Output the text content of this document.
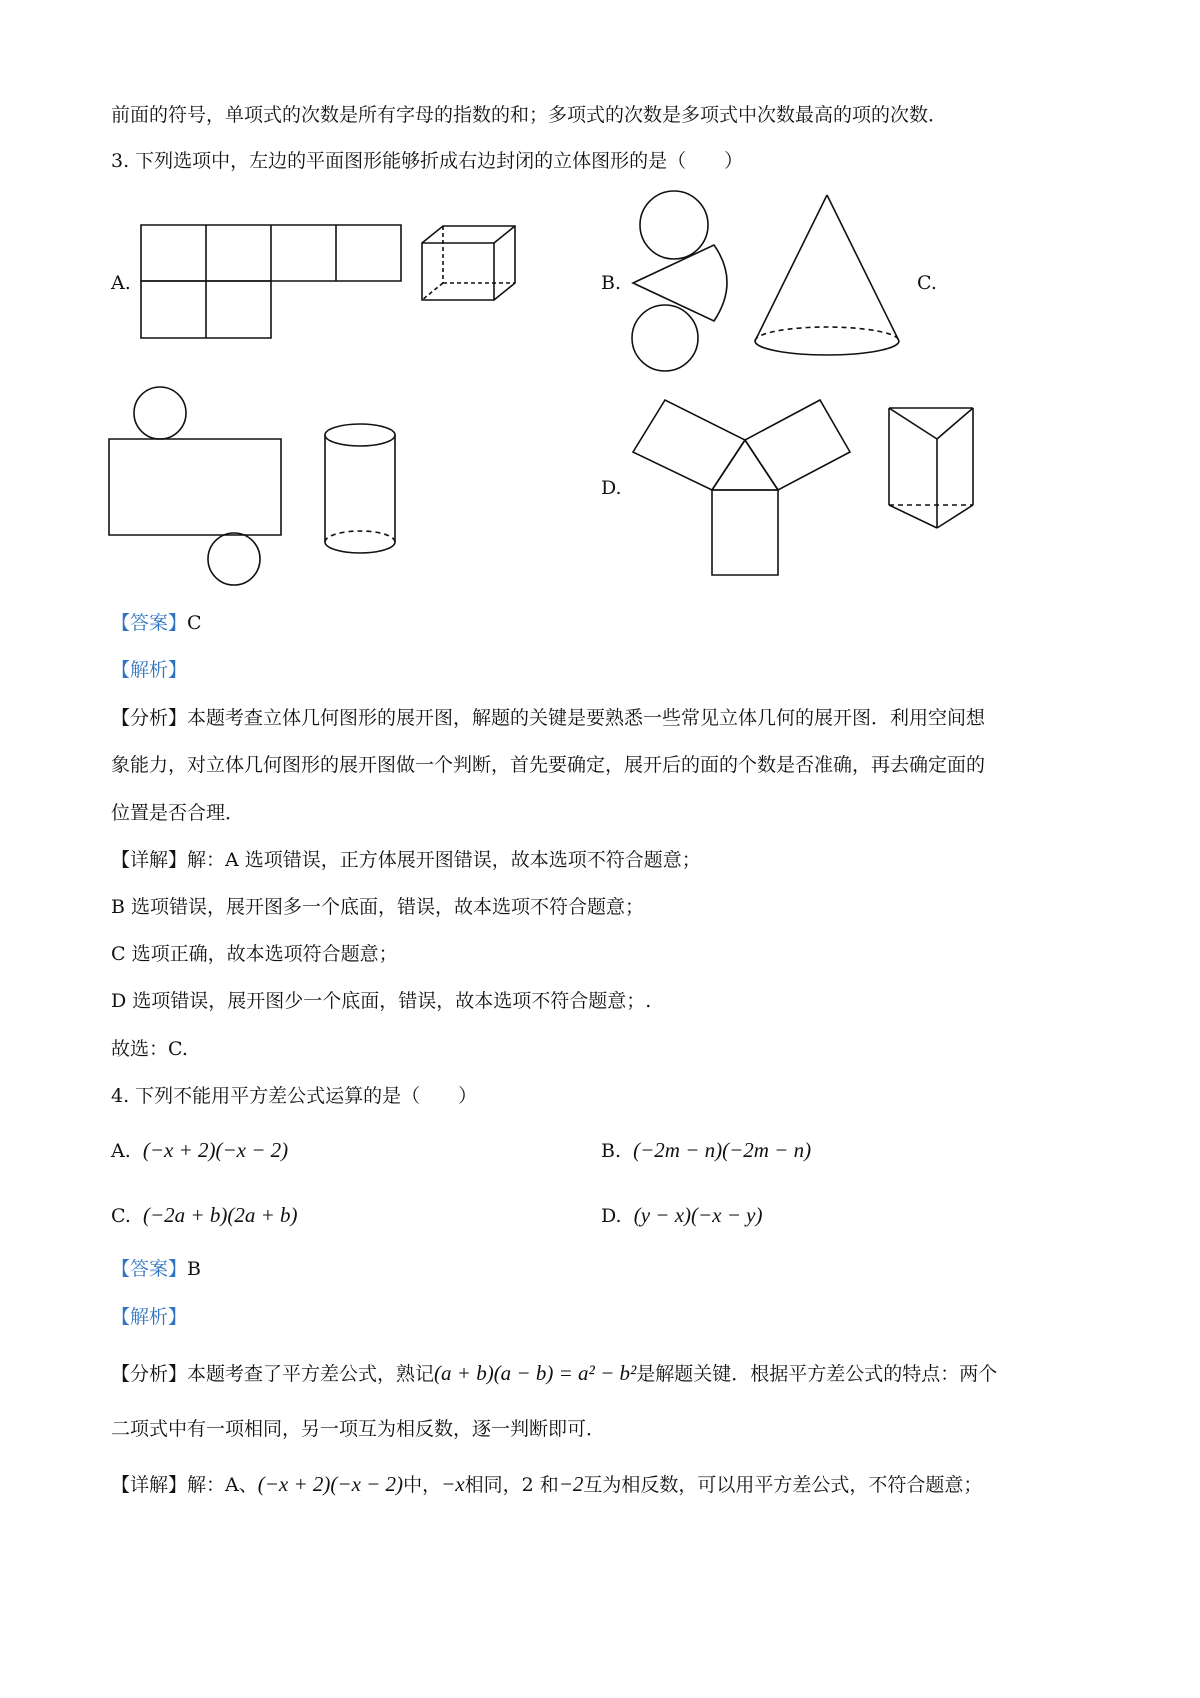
前面的符号，单项式的次数是所有字母的指数的和；多项式的次数是多项式中次数最高的项的次数．
3. 下列选项中，左边的平面图形能够折成右边封闭的立体图形的是（　　）
A.	B.	C.
D.
【答案】C
【解析】
【分析】本题考查立体几何图形的展开图，解题的关键是要熟悉一些常见立体几何的展开图．利用空间想
象能力，对立体几何图形的展开图做一个判断，首先要确定，展开后的面的个数是否准确，再去确定面的
位置是否合理．
【详解】解：A 选项错误，正方体展开图错误，故本选项不符合题意；
B 选项错误，展开图多一个底面，错误，故本选项不符合题意；
C 选项正确，故本选项符合题意；
D 选项错误，展开图少一个底面，错误，故本选项不符合题意；.
故选：C.
4. 下列不能用平方差公式运算的是（　　）
A. (−x + 2)(−x − 2)	B. (−2m − n)(−2m − n)
C. (−2a + b)(2a + b)	D. (y − x)(−x − y)
【答案】B
【解析】
【分析】本题考查了平方差公式，熟记(a + b)(a − b) = a² − b²是解题关键．根据平方差公式的特点：两个
二项式中有一项相同，另一项互为相反数，逐一判断即可．
【详解】解：A、(−x + 2)(−x − 2)中，−x相同，2 和−2互为相反数，可以用平方差公式，不符合题意；
